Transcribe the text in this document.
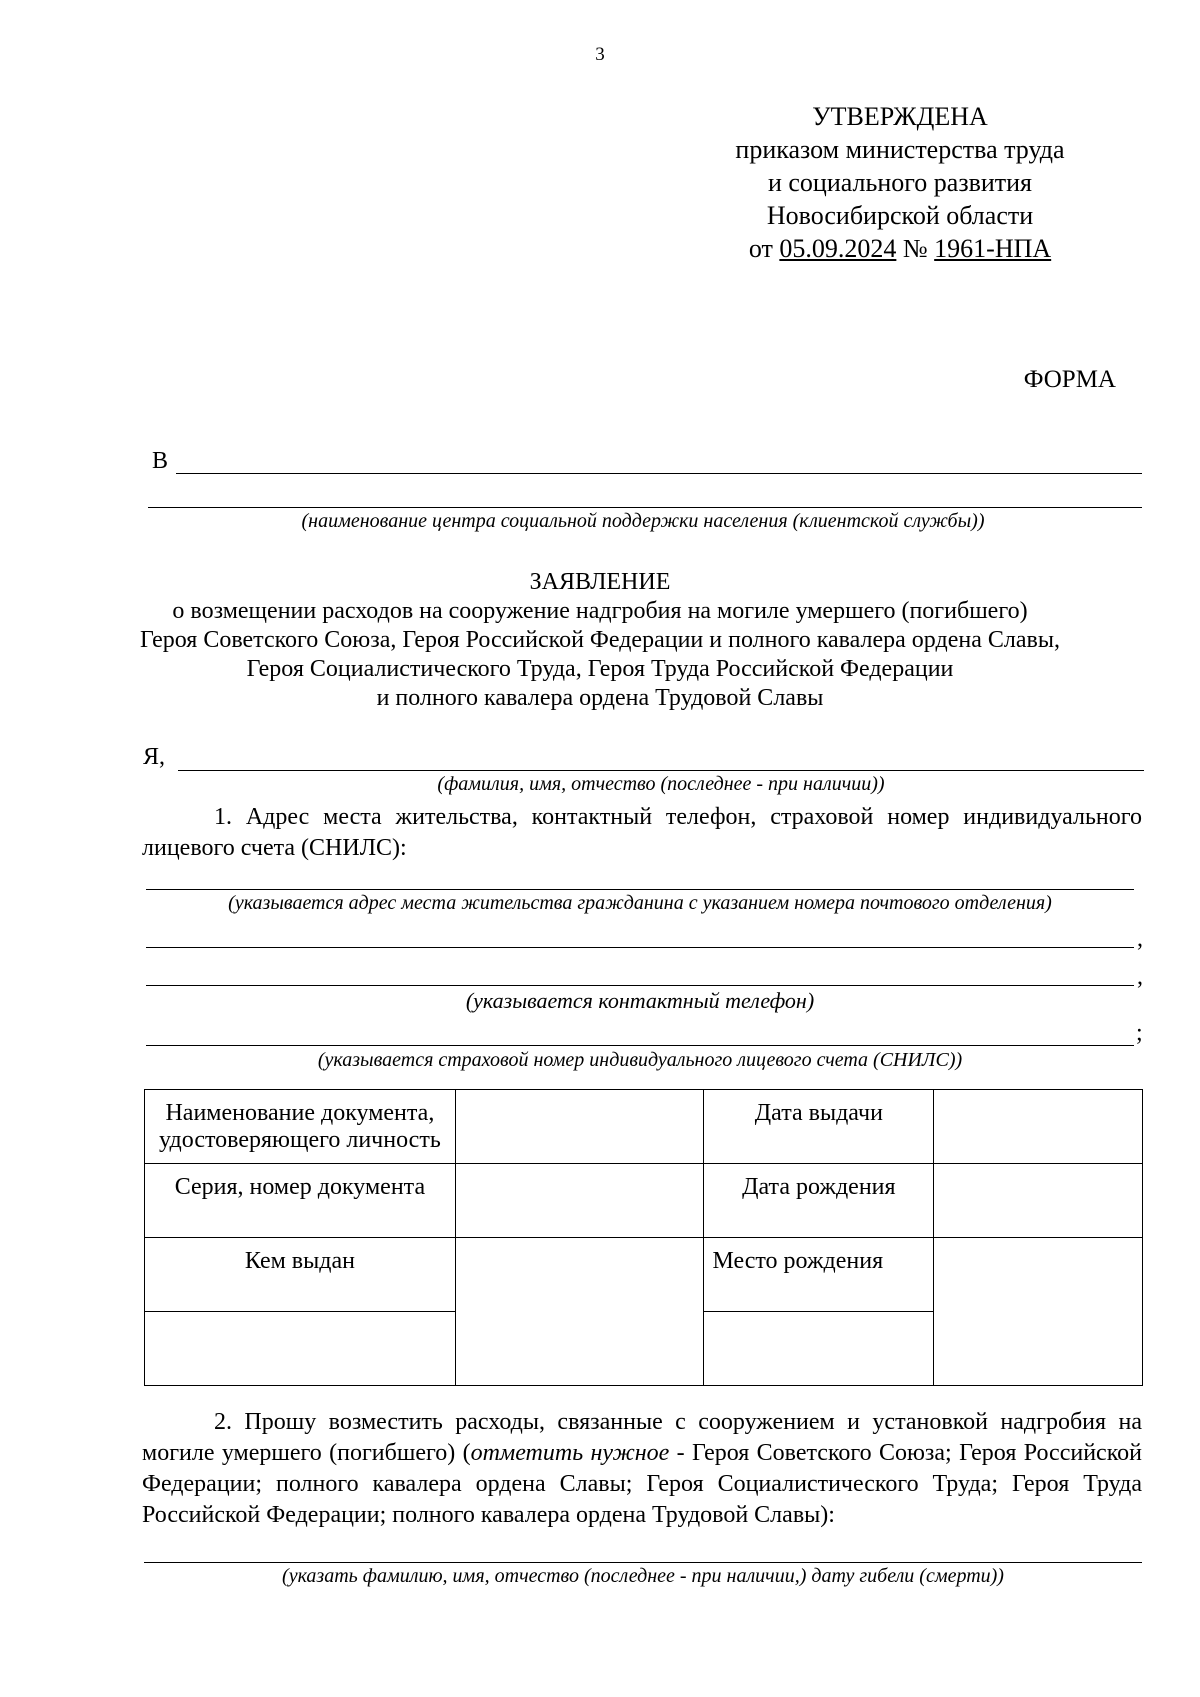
3
УТВЕРЖДЕНА
приказом министерства труда
и социального развития
Новосибирской области
от 05.09.2024 № 1961-НПА
ФОРМА
В
(наименование центра социальной поддержки населения (клиентской службы))
ЗАЯВЛЕНИЕ
о возмещении расходов на сооружение надгробия на могиле умершего (погибшего)
Героя Советского Союза, Героя Российской Федерации и полного кавалера ордена Славы,
Героя Социалистического Труда, Героя Труда Российской Федерации
и полного кавалера ордена Трудовой Славы
Я,
(фамилия, имя, отчество (последнее - при наличии))
1. Адрес места жительства, контактный телефон, страховой номер индивидуального лицевого счета (СНИЛС):
(указывается адрес места жительства гражданина с указанием номера почтового отделения)
,
,
(указывается контактный телефон)
;
(указывается страховой номер индивидуального лицевого счета (СНИЛС))
Наименование документа,
удостоверяющего личность		Дата выдачи	
Серия, номер документа		Дата рождения	
Кем выдан		Место рождения	

2. Прошу возместить расходы, связанные с сооружением и установкой надгробия на могиле умершего (погибшего) (отметить нужное - Героя Советского Союза; Героя Российской Федерации; полного кавалера ордена Славы; Героя Социалистического Труда; Героя Труда Российской Федерации; полного кавалера ордена Трудовой Славы):
(указать фамилию, имя, отчество (последнее - при наличии,) дату гибели (смерти))
